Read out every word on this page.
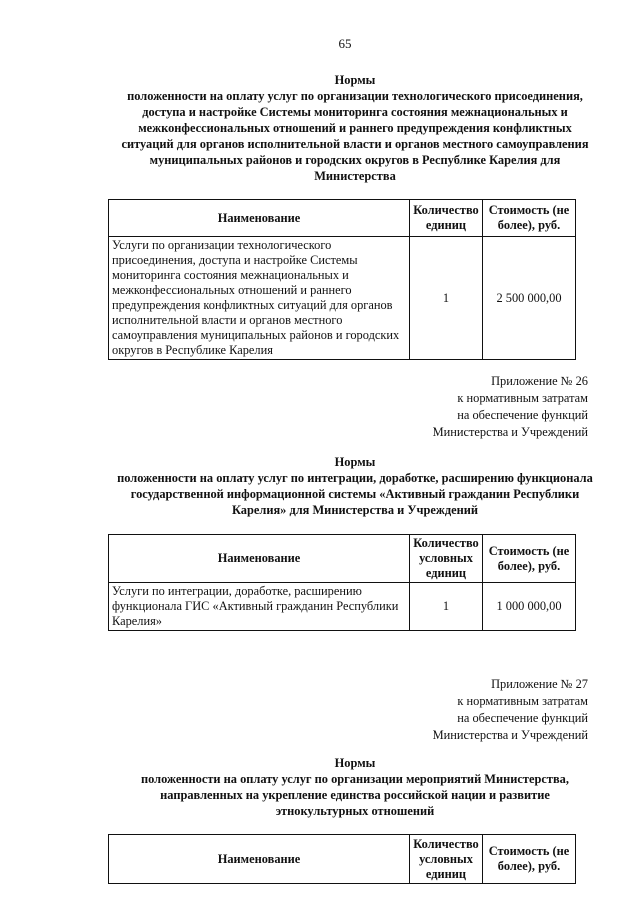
65
Нормы
положенности на оплату услуг по организации технологического присоединения,
доступа и настройке Системы мониторинга состояния межнациональных и
межконфессиональных отношений и раннего предупреждения конфликтных
ситуаций для органов исполнительной власти и органов местного самоуправления
муниципальных районов и городских округов в Республике Карелия для
Министерства
Наименование	Количество единиц	Стоимость (не более), руб.
Услуги по организации технологического присоединения, доступа и настройке Системы мониторинга состояния межнациональных и межконфессиональных отношений и раннего предупреждения конфликтных ситуаций для органов исполнительной власти и органов местного самоуправления муниципальных районов и городских округов в Республике Карелия	1	2 500 000,00
Приложение № 26
к нормативным затратам
на обеспечение функций
Министерства и Учреждений
Нормы
положенности на оплату услуг по интеграции, доработке, расширению функционала
государственной информационной системы «Активный гражданин Республики
Карелия» для Министерства и Учреждений
Наименование	Количество условных единиц	Стоимость (не более), руб.
Услуги по интеграции, доработке, расширению функционала ГИС «Активный гражданин Республики Карелия»	1	1 000 000,00
Приложение № 27
к нормативным затратам
на обеспечение функций
Министерства и Учреждений
Нормы
положенности на оплату услуг по организации мероприятий Министерства,
направленных на укрепление единства российской нации и развитие
этнокультурных отношений
Наименование	Количество условных единиц	Стоимость (не более), руб.
